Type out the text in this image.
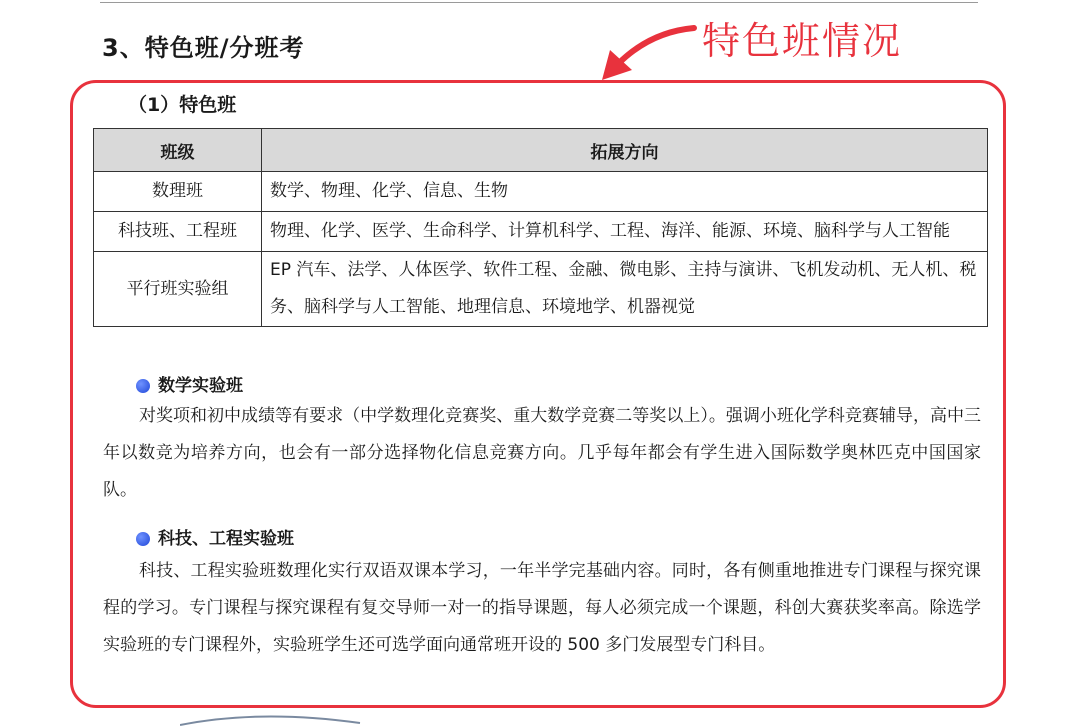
3、特色班/分班考	特色班情况
（1）特色班
班级	拓展方向
数理班	数学、物理、化学、信息、生物
科技班、工程班	物理、化学、医学、生命科学、计算机科学、工程、海洋、能源、环境、脑科学与人工智能
平行班实验组	EP 汽车、法学、人体医学、软件工程、金融、微电影、主持与演讲、飞机发动机、无人机、税务、脑科学与人工智能、地理信息、环境地学、机器视觉
数学实验班
对奖项和初中成绩等有要求（中学数理化竞赛奖、重大数学竞赛二等奖以上）。强调小班化学科竞赛辅导，高中三年以数竞为培养方向，也会有一部分选择物化信息竞赛方向。几乎每年都会有学生进入国际数学奥林匹克中国国家队。
科技、工程实验班
科技、工程实验班数理化实行双语双课本学习，一年半学完基础内容。同时，各有侧重地推进专门课程与探究课程的学习。专门课程与探究课程有复交导师一对一的指导课题，每人必须完成一个课题，科创大赛获奖率高。除选学实验班的专门课程外，实验班学生还可选学面向通常班开设的 500 多门发展型专门科目。
